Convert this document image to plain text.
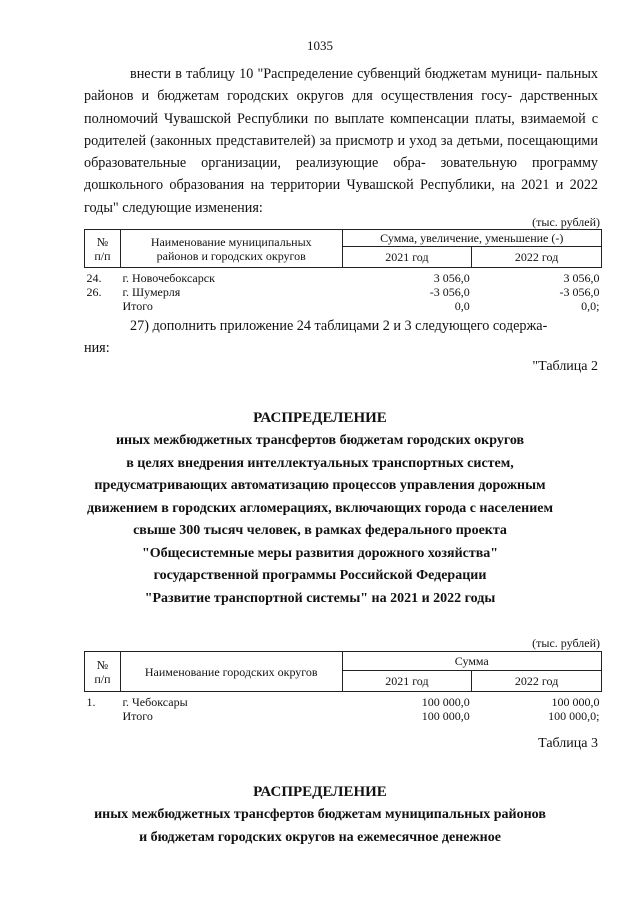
1035
внести в таблицу 10 "Распределение субвенций бюджетам муници- пальных районов и бюджетам городских округов для осуществления госу- дарственных полномочий Чувашской Республики по выплате компенсации платы, взимаемой с родителей (законных представителей) за присмотр и уход за детьми, посещающими образовательные организации, реализующие обра- зовательную программу дошкольного образования на территории Чувашской Республики, на 2021 и 2022 годы" следующие изменения:
(тыс. рублей)
№
п/п	Наименование муниципальных
районов и городских округов	Сумма, увеличение, уменьшение (-)	
		2021 год	2022 год
24.	г. Новочебоксарск	3 056,0	3 056,0
26.	г. Шумерля	-3 056,0	-3 056,0
	Итого	0,0	0,0;
27) дополнить приложение 24 таблицами 2 и 3 следующего содержа-
ния:
"Таблица 2
РАСПРЕДЕЛЕНИЕ
иных межбюджетных трансфертов бюджетам городских округов
в целях внедрения интеллектуальных транспортных систем,
предусматривающих автоматизацию процессов управления дорожным
движением в городских агломерациях, включающих города с населением
свыше 300 тысяч человек, в рамках федерального проекта
"Общесистемные меры развития дорожного хозяйства"
государственной программы Российской Федерации
"Развитие транспортной системы" на 2021 и 2022 годы
(тыс. рублей)
№
п/п	Наименование городских округов	Сумма	
		2021 год	2022 год
1.	г. Чебоксары	100 000,0	100 000,0
	Итого	100 000,0	100 000,0;
Таблица 3
РАСПРЕДЕЛЕНИЕ
иных межбюджетных трансфертов бюджетам муниципальных районов
и бюджетам городских округов на ежемесячное денежное
